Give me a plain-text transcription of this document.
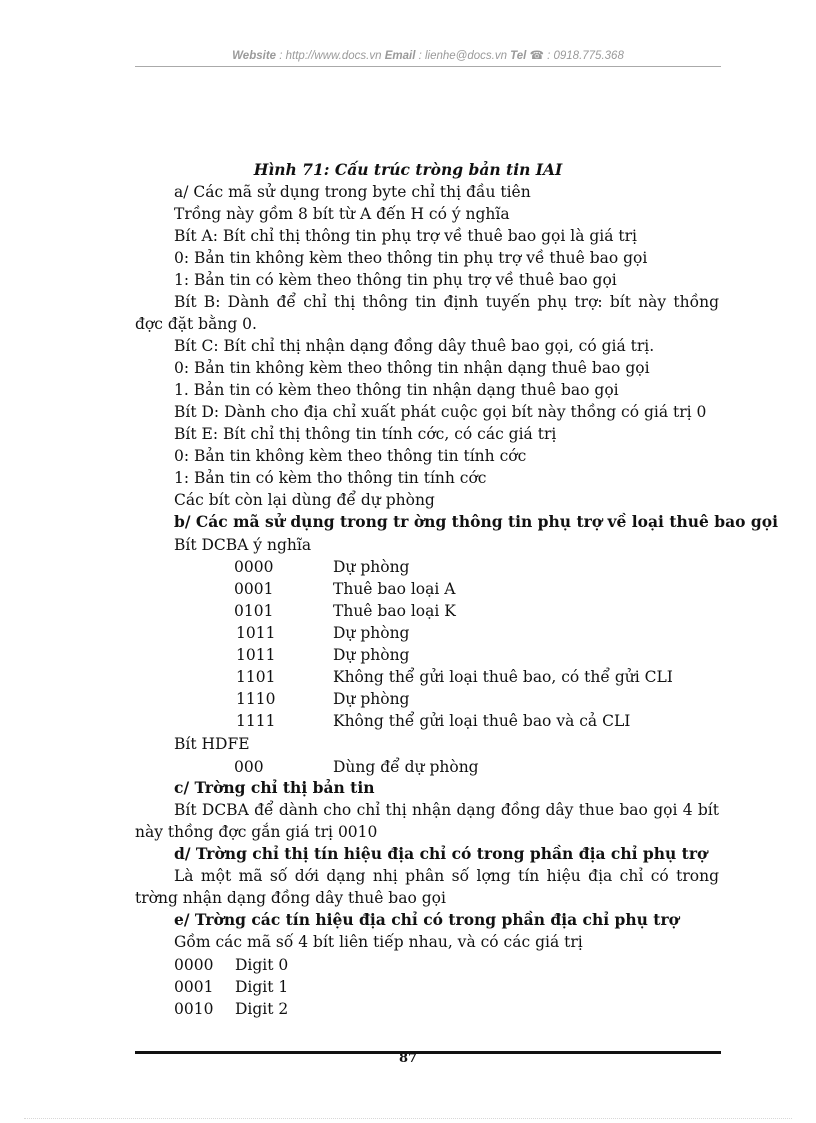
Website : http://www.docs.vn Email : lienhe@docs.vn Tel ☎ : 0918.775.368
Hình 71: Cấu trúc tròng bản tin IAI
a/ Các mã sử dụng trong byte chỉ thị đầu tiên
Trồng này gồm 8 bít từ A đến H có ý nghĩa
Bít A: Bít chỉ thị thông tin phụ trợ về thuê bao gọi là giá trị
0: Bản tin không kèm theo thông tin phụ trợ về thuê bao gọi
1: Bản tin có kèm theo thông tin phụ trợ về thuê bao gọi
Bít B: Dành để chỉ thị thông tin định tuyến phụ trợ: bít này thồng
đợc đặt bằng 0.
Bít C: Bít chỉ thị nhận dạng đồng dây thuê bao gọi, có giá trị.
0: Bản tin không kèm theo thông tin nhận dạng thuê bao gọi
1. Bản tin có kèm theo thông tin nhận dạng thuê bao gọi
Bít D: Dành cho địa chỉ xuất phát cuộc gọi bít này thồng có giá trị 0
Bít E: Bít chỉ thị thông tin tính cớc, có các giá trị
0: Bản tin không kèm theo thông tin tính cớc
1: Bản tin có kèm tho thông tin tính cớc
Các bít còn lại dùng để dự phòng
b/ Các mã sử dụng trong tr ờng thông tin phụ trợ về loại thuê bao gọi
Bít DCBA ý nghĩa
0000	Dự phòng
0001	Thuê bao loại A
0101	Thuê bao loại K
1011	Dự phòng
1011	Dự phòng
1101	Không thể gửi loại thuê bao, có thể gửi CLI
1110	Dự phòng
1111	Không thể gửi loại thuê bao và cả CLI
Bít HDFE
000	Dùng để dự phòng
c/ Trờng chỉ thị bản tin
Bít DCBA để dành cho chỉ thị nhận dạng đồng dây thue bao gọi 4 bít
này thồng đợc gắn giá trị 0010
d/ Trờng chỉ thị tín hiệu địa chỉ có trong phần địa chỉ phụ trợ
Là một mã số dới dạng nhị phân số lợng tín hiệu địa chỉ có trong
trờng nhận dạng đồng dây thuê bao gọi
e/ Trờng các tín hiệu địa chỉ có trong phần địa chỉ phụ trợ
Gồm các mã số 4 bít liên tiếp nhau, và có các giá trị
0000 Digit 0
0001 Digit 1
0010 Digit 2
87
